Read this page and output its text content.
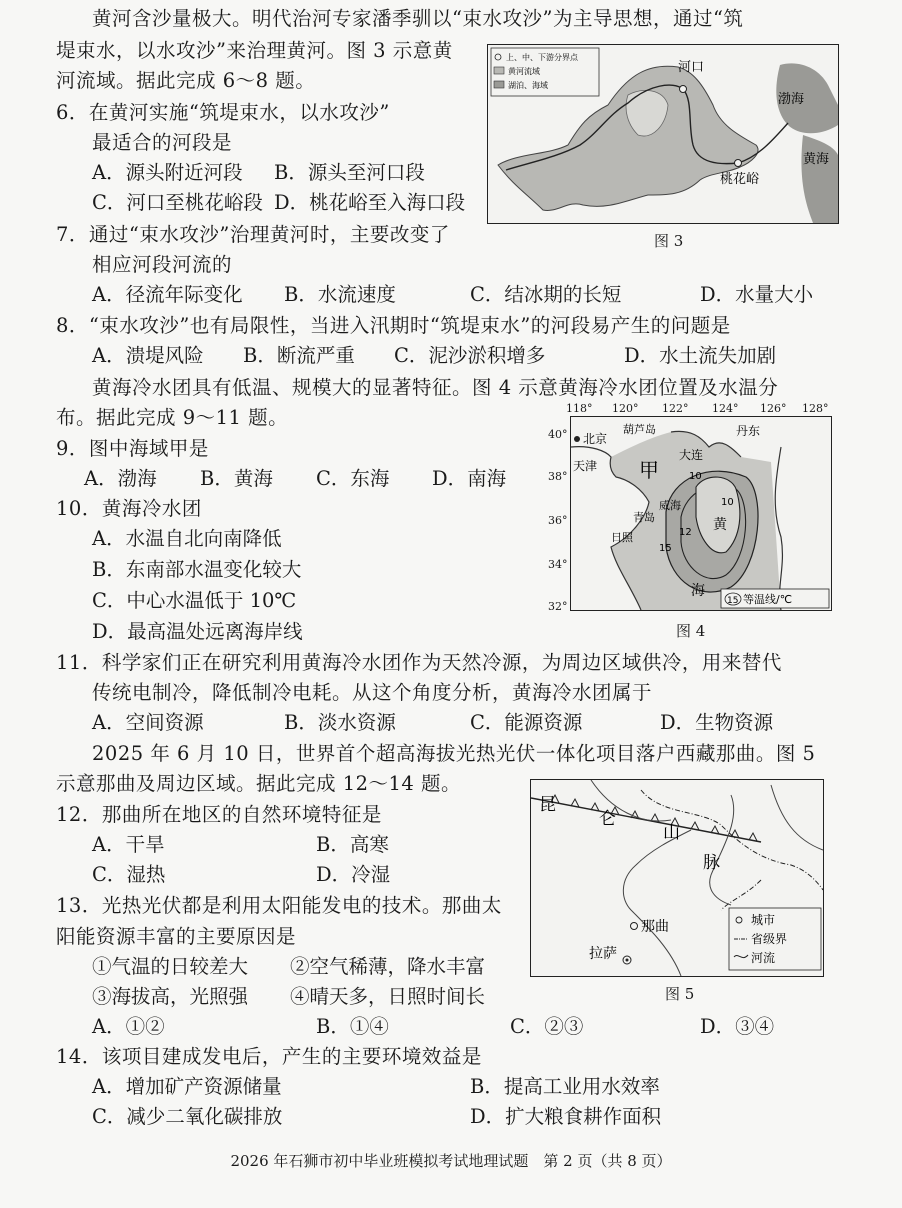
黄河含沙量极大。明代治河专家潘季驯以“束水攻沙”为主导思想，通过“筑
堤束水，以水攻沙”来治理黄河。图 3 示意黄
河流域。据此完成 6～8 题。
上、中、下游分界点
黄河流域
湖泊、海域
河口
渤海
黄海
桃花峪
图 3
6．在黄河实施“筑堤束水，以水攻沙”
最适合的河段是
A．源头附近河段 B．源头至河口段
C．河口至桃花峪段 D．桃花峪至入海口段
7．通过“束水攻沙”治理黄河时，主要改变了
相应河段河流的
A．径流年际变化 B．水流速度	C．结冰期的长短	D．水量大小
8．“束水攻沙”也有局限性，当进入汛期时“筑堤束水”的河段易产生的问题是
A．溃堤风险 B．断流严重 C．泥沙淤积增多	D．水土流失加剧
黄海冷水团具有低温、规模大的显著特征。图 4 示意黄海冷水团位置及水温分
布。据此完成 9～11 题。	118° 120° 122° 124° 126° 128°
40°
38°
36°
34°
32°	15 等温线/℃
北京
天津
葫芦岛	丹东
大连
甲
威海
青岛
日照
黄
海
10
10
12
15
图 4
9．图中海域甲是
A．渤海 B．黄海 C．东海 D．南海
10．黄海冷水团
A．水温自北向南降低
B．东南部水温变化较大
C．中心水温低于 10℃
D．最高温处远离海岸线
11．科学家们正在研究利用黄海冷水团作为天然冷源，为周边区域供冷，用来替代
传统电制冷，降低制冷电耗。从这个角度分析，黄海冷水团属于
A．空间资源	B．淡水资源	C．能源资源	D．生物资源
2025 年 6 月 10 日，世界首个超高海拔光热光伏一体化项目落户西藏那曲。图 5
示意那曲及周边区域。据此完成 12～14 题。
昆
仑
山
脉
那曲
拉萨
城市
省级界
河流
图 5
12．那曲所在地区的自然环境特征是
A．干旱	B．高寒
C．湿热	D．冷湿
13．光热光伏都是利用太阳能发电的技术。那曲太
阳能资源丰富的主要原因是
①气温的日较差大 ②空气稀薄，降水丰富
③海拔高，光照强 ④晴天多，日照时间长
A．①②	B．①④	C．②③	D．③④
14．该项目建成发电后，产生的主要环境效益是
A．增加矿产资源储量	B．提高工业用水效率
C．减少二氧化碳排放	D．扩大粮食耕作面积
2026 年石狮市初中毕业班模拟考试地理试题　第 2 页（共 8 页）
